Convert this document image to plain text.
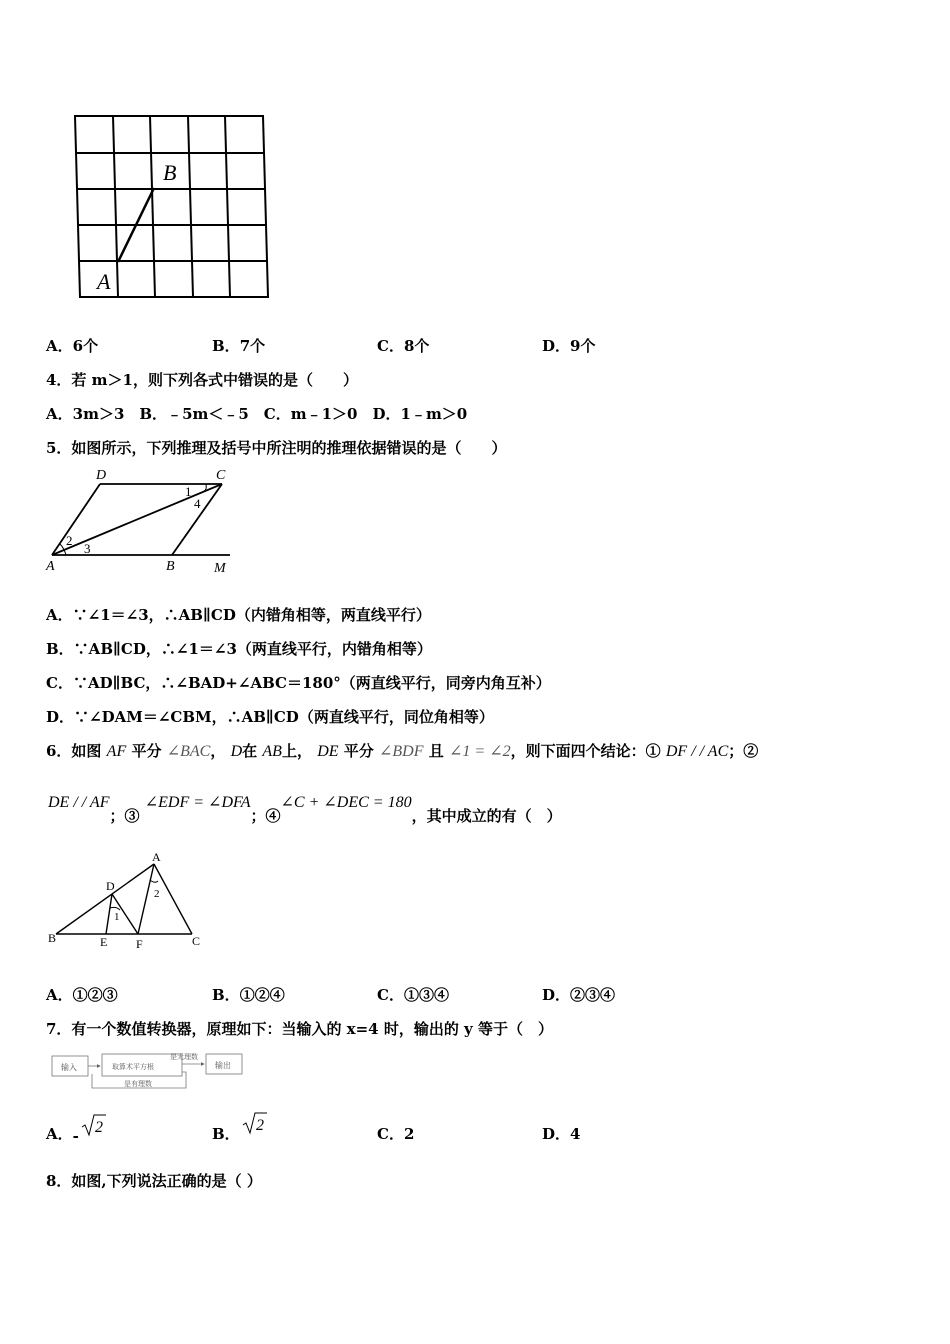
B
A
A．6个	B．7个	C．8个	D．9个
4．若 m＞1，则下列各式中错误的是（　　）
A．3m＞3　B．﹣5m＜﹣5　C．m﹣1＞0　D．1﹣m＞0
5．如图所示，下列推理及括号中所注明的推理依据错误的是（　　）
D	C
A	B	M
1
4
2
3
A．∵∠1＝∠3，∴AB∥CD（内错角相等，两直线平行）
B．∵AB∥CD，∴∠1＝∠3（两直线平行，内错角相等）
C．∵AD∥BC，∴∠BAD+∠ABC＝180°（两直线平行，同旁内角互补）
D．∵∠DAM＝∠CBM，∴AB∥CD（两直线平行，同位角相等）
6．如图 AF 平分 ∠BAC， D在 AB上， DE 平分 ∠BDF 且 ∠1 = ∠2，则下面四个结论：① DF / / AC；②
DE / / AF；③ ∠EDF = ∠DFA；④∠C + ∠DEC = 180，其中成立的有（　）
A
B	C
D
E F
1
2
A．①②③	B．①②④	C．①③④	D．②③④
7．有一个数值转换器，原理如下：当输入的 x=4 时，输出的 y 等于（　）
输入	取算术平方根
是无理数
输出
是有理数
A．- 2	B． 2	C．2	D．4
8．如图,下列说法正确的是（ ）
